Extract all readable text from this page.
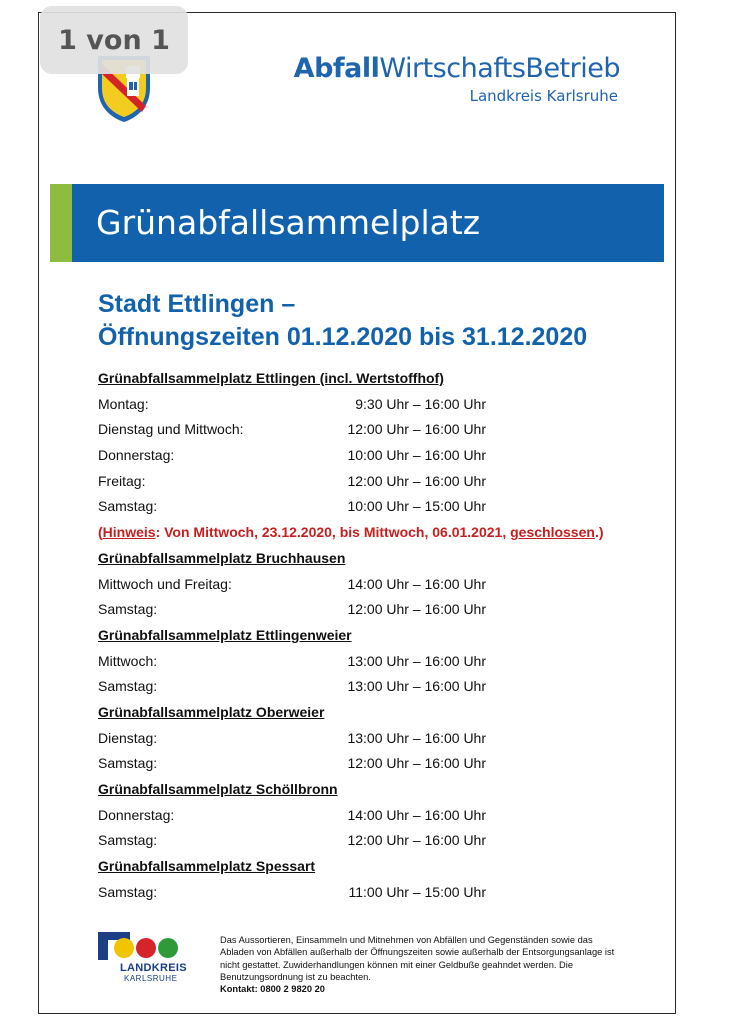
1 von 1
AbfallWirtschaftsBetrieb
Landkreis Karlsruhe
Grünabfallsammelplatz
Stadt Ettlingen –
Öffnungszeiten 01.12.2020 bis 31.12.2020
Grünabfallsammelplatz Ettlingen (incl. Wertstoffhof)
Montag:	9:30 Uhr – 16:00 Uhr
Dienstag und Mittwoch:	12:00 Uhr – 16:00 Uhr
Donnerstag:	10:00 Uhr – 16:00 Uhr
Freitag:	12:00 Uhr – 16:00 Uhr
Samstag:	10:00 Uhr – 15:00 Uhr
(Hinweis: Von Mittwoch, 23.12.2020, bis Mittwoch, 06.01.2021, geschlossen.)
Grünabfallsammelplatz Bruchhausen
Mittwoch und Freitag:	14:00 Uhr – 16:00 Uhr
Samstag:	12:00 Uhr – 16:00 Uhr
Grünabfallsammelplatz Ettlingenweier
Mittwoch:	13:00 Uhr – 16:00 Uhr
Samstag:	13:00 Uhr – 16:00 Uhr
Grünabfallsammelplatz Oberweier
Dienstag:	13:00 Uhr – 16:00 Uhr
Samstag:	12:00 Uhr – 16:00 Uhr
Grünabfallsammelplatz Schöllbronn
Donnerstag:	14:00 Uhr – 16:00 Uhr
Samstag:	12:00 Uhr – 16:00 Uhr
Grünabfallsammelplatz Spessart
Samstag:	11:00 Uhr – 15:00 Uhr
LANDKREIS
KARLSRUHE
Das Aussortieren, Einsammeln und Mitnehmen von Abfällen und Gegenständen sowie das Abladen von Abfällen außerhalb der Öffnungszeiten sowie außerhalb der Entsorgungsanlage ist nicht gestattet. Zuwiderhandlungen können mit einer Geldbuße geahndet werden. Die Benutzungsordnung ist zu beachten.
Kontakt: 0800 2 9820 20
